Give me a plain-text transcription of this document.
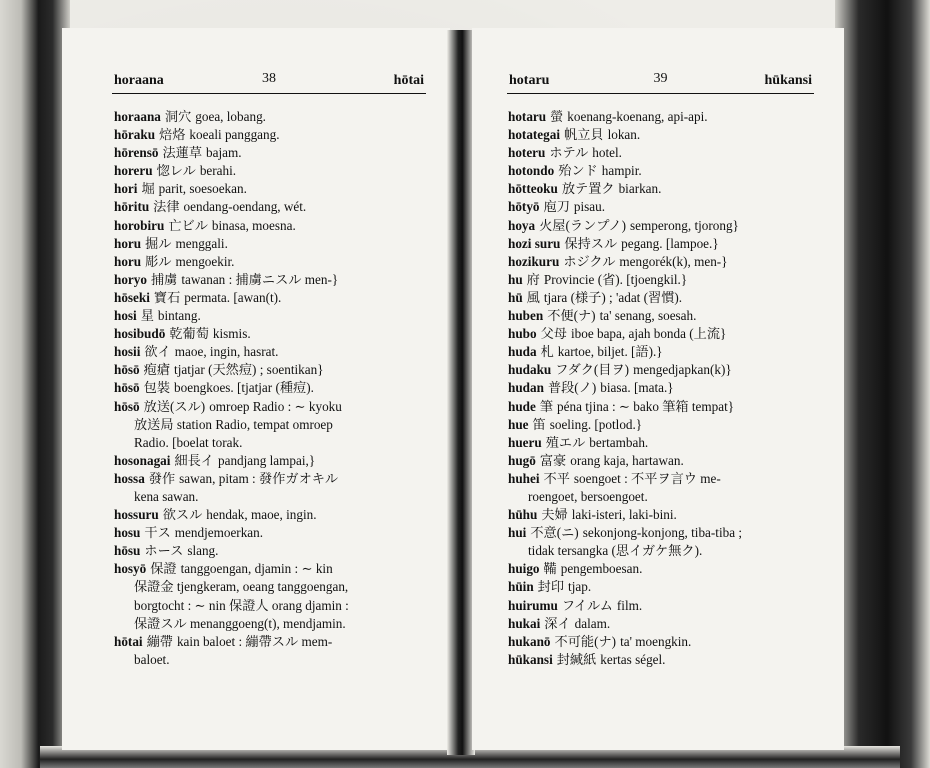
horaana	38	hōtai
horaana 洞穴 goea, lobang.
hōraku 焙烙 koeali panggang.
hōrensō 法蓮草 bajam.
horeru 惚レル berahi.
hori 堀 parit, soesoekan.
hōritu 法律 oendang-oendang, wét.
horobiru 亡ビル binasa, moesna.
horu 掘ル menggali.
horu 彫ル mengoekir.
horyo 捕虜 tawanan : 捕虜ニスル men-}
hōseki 寶石 permata. [awan(t).
hosi 星 bintang.
hosibudō 乾葡萄 kismis.
hosii 欲イ maoe, ingin, hasrat.
hōsō 疱瘡 tjatjar (天然痘) ; soentikan}
hōsō 包裝 boengkoes. [tjatjar (種痘).
hōsō 放送(スル) omroep Radio : ∼ kyoku
放送局 station Radio, tempat omroep
Radio. [boelat torak.
hosonagai 細長イ pandjang lampai,}
hossa 發作 sawan, pitam : 發作ガオキル
kena sawan.
hossuru 欲スル hendak, maoe, ingin.
hosu 干ス mendjemoerkan.
hōsu ホース slang.
hosyō 保證 tanggoengan, djamin : ∼ kin
保證金 tjengkeram, oeang tanggoengan,
borgtocht : ∼ nin 保證人 orang djamin :
保證スル menanggoeng(t), mendjamin.
hōtai 繃帶 kain baloet : 繃帶スル mem-
baloet.
hotaru	39	hūkansi
hotaru 螢 koenang-koenang, api-api.
hotategai 帆立貝 lokan.
hoteru ホテル hotel.
hotondo 殆ンド hampir.
hōtteoku 放テ置ク biarkan.
hōtyō 庖刀 pisau.
hoya 火屋(ランプノ) semperong, tjorong}
hozi suru 保持スル pegang. [lampoe.}
hozikuru ホジクル mengorék(k), men-}
hu 府 Provincie (省). [tjoengkil.}
hū 風 tjara (様子) ; 'adat (習慣).
huben 不便(ナ) ta' senang, soesah.
hubo 父母 iboe bapa, ajah bonda (上流}
huda 札 kartoe, biljet. [語).}
hudaku フダク(目ヲ) mengedjapkan(k)}
hudan 普段(ノ) biasa. [mata.}
hude 筆 péna tjina : ∼ bako 筆箱 tempat}
hue 笛 soeling. [potlod.}
hueru 殖エル bertambah.
hugō 富豪 orang kaja, hartawan.
huhei 不平 soengoet : 不平ヲ言ウ me-
roengoet, bersoengoet.
hūhu 夫婦 laki-isteri, laki-bini.
hui 不意(ニ) sekonjong-konjong, tiba-tiba ;
tidak tersangka (思イガケ無ク).
huigo 鞴 pengemboesan.
hūin 封印 tjap.
huirumu フイルム film.
hukai 深イ dalam.
hukanō 不可能(ナ) ta' moengkin.
hūkansi 封緘紙 kertas ségel.
